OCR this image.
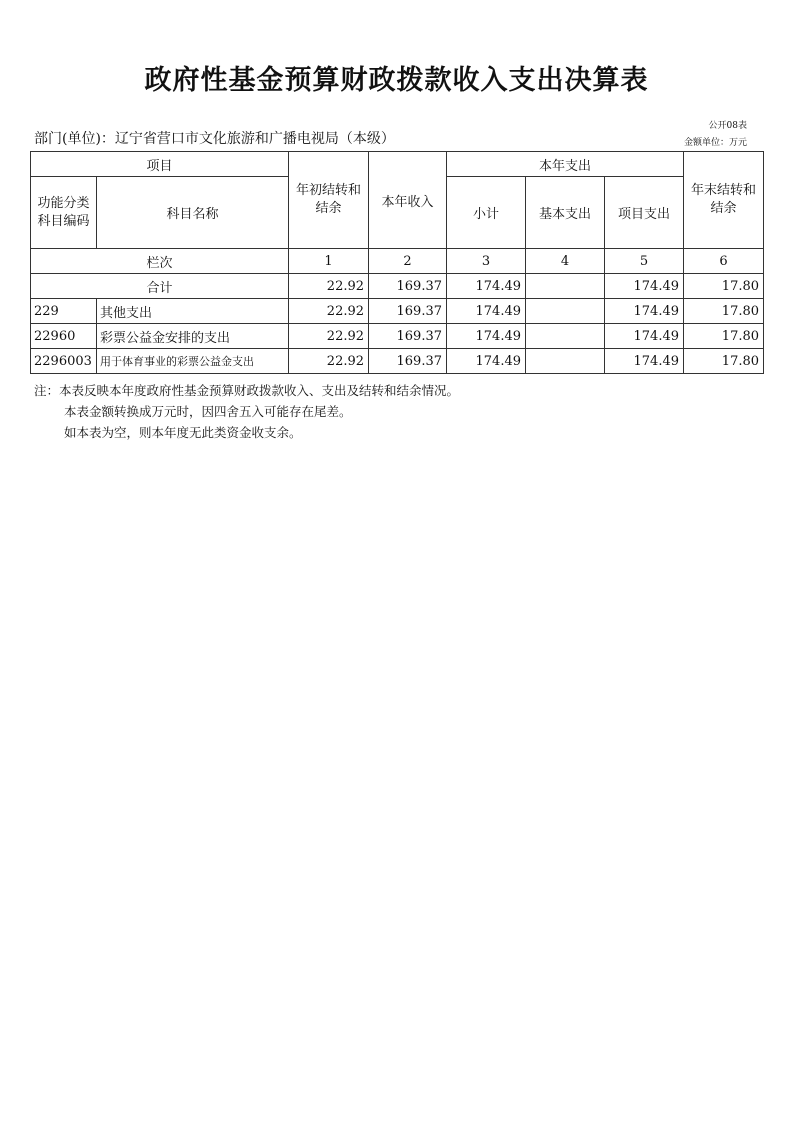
政府性基金预算财政拨款收入支出决算表
公开08表
金额单位：万元
部门(单位)：辽宁省营口市文化旅游和广播电视局（本级）
项目		年初结转和结余	本年收入	本年支出			年末结转和结余
功能分类科目编码	科目名称			小计	基本支出	项目支出	
栏次		1	2	3	4	5	6
合计		22.92	169.37	174.49		174.49	17.80
229	其他支出	22.92	169.37	174.49		174.49	17.80
22960	彩票公益金安排的支出	22.92	169.37	174.49		174.49	17.80
2296003	用于体育事业的彩票公益金支出	22.92	169.37	174.49		174.49	17.80
注：本表反映本年度政府性基金预算财政拨款收入、支出及结转和结余情况。
本表金额转换成万元时，因四舍五入可能存在尾差。
如本表为空，则本年度无此类资金收支余。
